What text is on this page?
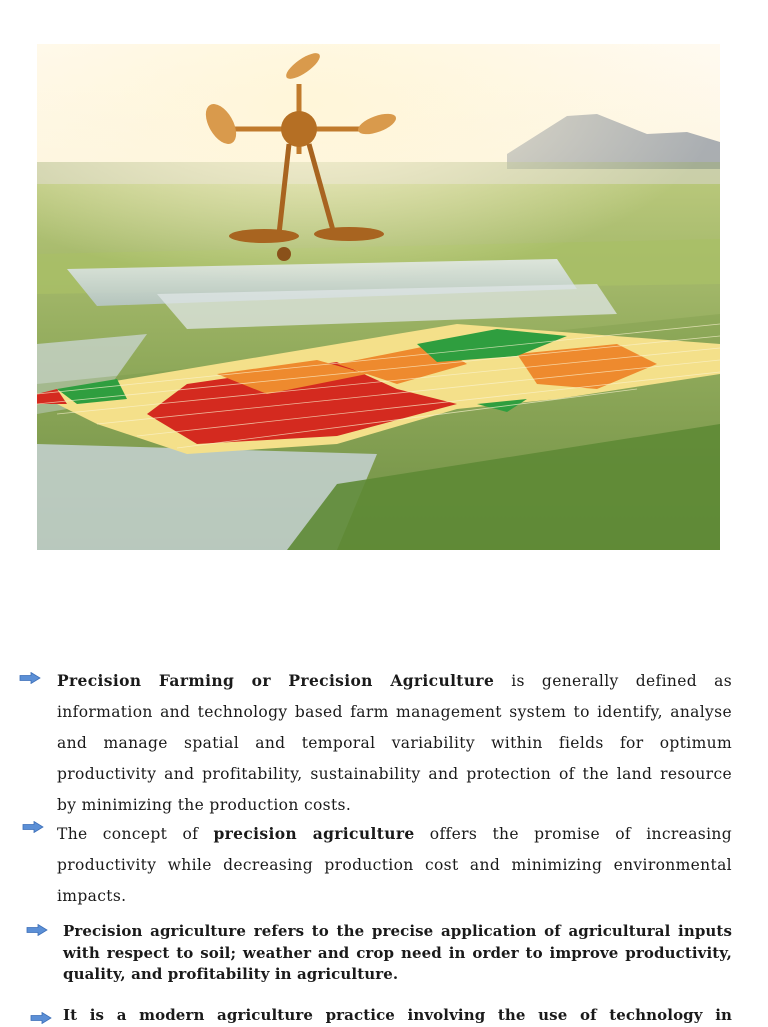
Precision Farming or Precision Agriculture is generally defined as information and technology based farm management system to identify, analyse and manage spatial and temporal variability within fields for optimum productivity and profitability, sustainability and protection of the land resource by minimizing the production costs.
The concept of precision agriculture offers the promise of increasing productivity while decreasing production cost and minimizing environmental impacts.
Precision agriculture refers to the precise application of agricultural inputs with respect to soil; weather and crop need in order to improve productivity, quality, and profitability in agriculture.
It is a modern agriculture practice involving the use of technology in
